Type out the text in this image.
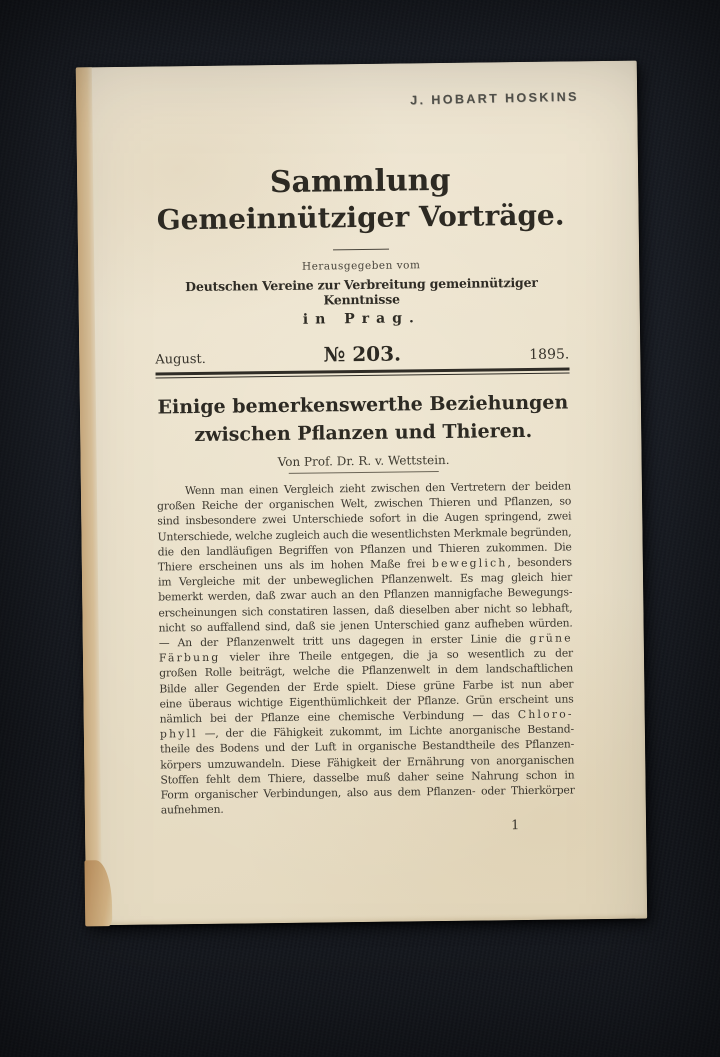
J. HOBART HOSKINS
Sammlung
Gemeinnütziger Vorträge.
Herausgegeben vom
Deutschen Vereine zur Verbreitung gemeinnütziger Kenntnisse
in Prag.
August.	№ 203.	1895.
Einige bemerkenswerthe Beziehungen
zwischen Pflanzen und Thieren.
Von Prof. Dr. R. v. Wettstein.
Wenn man einen Vergleich zieht zwischen den Vertretern der beiden
großen Reiche der organischen Welt, zwischen Thieren und Pflanzen, so
sind insbesondere zwei Unterschiede sofort in die Augen springend, zwei
Unterschiede, welche zugleich auch die wesentlichsten Merkmale begründen,
die den landläufigen Begriffen von Pflanzen und Thieren zukommen. Die
Thiere erscheinen uns als im hohen Maße frei beweglich, besonders
im Vergleiche mit der unbeweglichen Pflanzenwelt. Es mag gleich hier
bemerkt werden, daß zwar auch an den Pflanzen mannigfache Bewegungs-
erscheinungen sich constatiren lassen, daß dieselben aber nicht so lebhaft,
nicht so auffallend sind, daß sie jenen Unterschied ganz aufheben würden.
— An der Pflanzenwelt tritt uns dagegen in erster Linie die grüne
Färbung vieler ihre Theile entgegen, die ja so wesentlich zu der
großen Rolle beiträgt, welche die Pflanzenwelt in dem landschaftlichen
Bilde aller Gegenden der Erde spielt. Diese grüne Farbe ist nun aber
eine überaus wichtige Eigenthümlichkeit der Pflanze. Grün erscheint uns
nämlich bei der Pflanze eine chemische Verbindung — das Chloro-
phyll —, der die Fähigkeit zukommt, im Lichte anorganische Bestand-
theile des Bodens und der Luft in organische Bestandtheile des Pflanzen-
körpers umzuwandeln. Diese Fähigkeit der Ernährung von anorganischen
Stoffen fehlt dem Thiere, dasselbe muß daher seine Nahrung schon in
Form organischer Verbindungen, also aus dem Pflanzen- oder Thierkörper
aufnehmen.
1
